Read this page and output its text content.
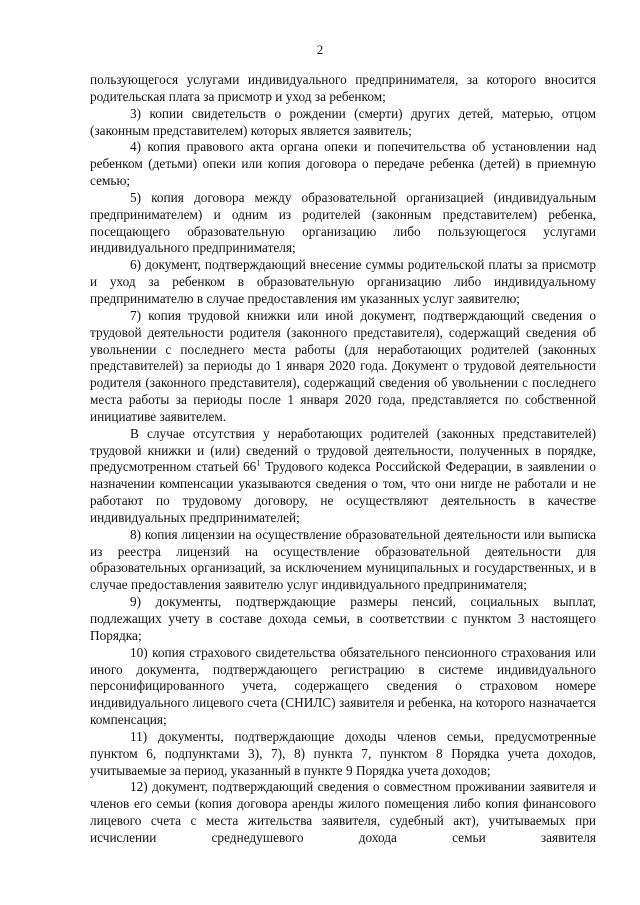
2

пользующегося услугами индивидуального предпринимателя, за которого вносится родительская плата за присмотр и уход за ребенком;

3) копии свидетельств о рождении (смерти) других детей, матерью, отцом (законным представителем) которых является заявитель;

4) копия правового акта органа опеки и попечительства об установлении над ребенком (детьми) опеки или копия договора о передаче ребенка (детей) в приемную семью;

5) копия договора между образовательной организацией (индивидуальным предпринимателем) и одним из родителей (законным представителем) ребенка, посещающего образовательную организацию либо пользующегося услугами индивидуального предпринимателя;

6) документ, подтверждающий внесение суммы родительской платы за присмотр и уход за ребенком в образовательную организацию либо индивидуальному предпринимателю в случае предоставления им указанных услуг заявителю;

7) копия трудовой книжки или иной документ, подтверждающий сведения о трудовой деятельности родителя (законного представителя), содержащий сведения об увольнении с последнего места работы (для неработающих родителей (законных представителей) за периоды до 1 января 2020 года. Документ о трудовой деятельности родителя (законного представителя), содержащий сведения об увольнении с последнего места работы за периоды после 1 января 2020 года, представляется по собственной инициативе заявителем.

В случае отсутствия у неработающих родителей (законных представителей) трудовой книжки и (или) сведений о трудовой деятельности, полученных в порядке, предусмотренном статьей $66^1$ Трудового кодекса Российской Федерации, в заявлении о назначении компенсации указываются сведения о том, что они нигде не работали и не работают по трудовому договору, не осуществляют деятельность в качестве индивидуальных предпринимателей;

8) копия лицензии на осуществление образовательной деятельности или выписка из реестра лицензий на осуществление образовательной деятельности для образовательных организаций, за исключением муниципальных и государственных, и в случае предоставления заявителю услуг индивидуального предпринимателя;

9) документы, подтверждающие размеры пенсий, социальных выплат, подлежащих учету в составе дохода семьи, в соответствии с пунктом 3 настоящего Порядка;

10) копия страхового свидетельства обязательного пенсионного страхования или иного документа, подтверждающего регистрацию в системе индивидуального персонифицированного учета, содержащего сведения о страховом номере индивидуального лицевого счета (СНИЛС) заявителя и ребенка, на которого назначается компенсация;

11) документы, подтверждающие доходы членов семьи, предусмотренные пунктом 6, подпунктами 3), 7), 8) пункта 7, пунктом 8 Порядка учета доходов, учитываемые за период, указанный в пункте 9 Порядка учета доходов;

12) документ, подтверждающий сведения о совместном проживании заявителя и членов его семьи (копия договора аренды жилого помещения либо копия финансового лицевого счета с места жительства заявителя, судебный акт), учитываемых при исчислении среднедушевого дохода семьи заявителя
